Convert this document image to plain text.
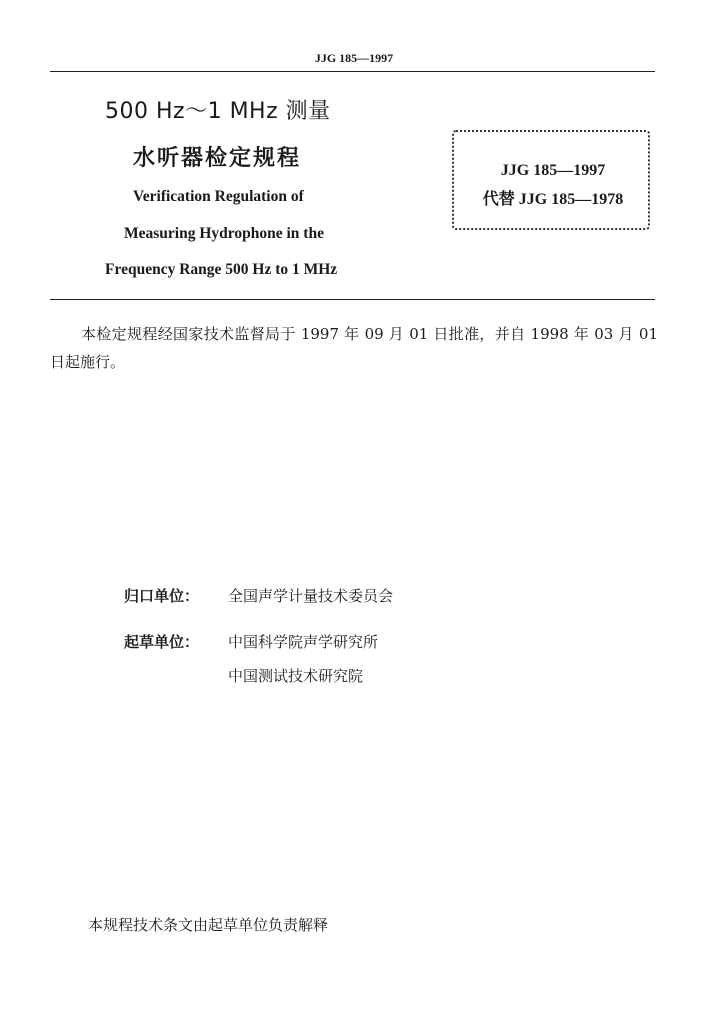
JJG 185—1997
500 Hz～1 MHz 测量
水听器检定规程
Verification Regulation of
Measuring Hydrophone in the
Frequency Range 500 Hz to 1 MHz
JJG 185—1997
代替 JJG 185—1978
本检定规程经国家技术监督局于 1997 年 09 月 01 日批准，并自 1998 年 03 月 01 日起施行。
归口单位： 全国声学计量技术委员会
起草单位： 中国科学院声学研究所
中国测试技术研究院
本规程技术条文由起草单位负责解释
